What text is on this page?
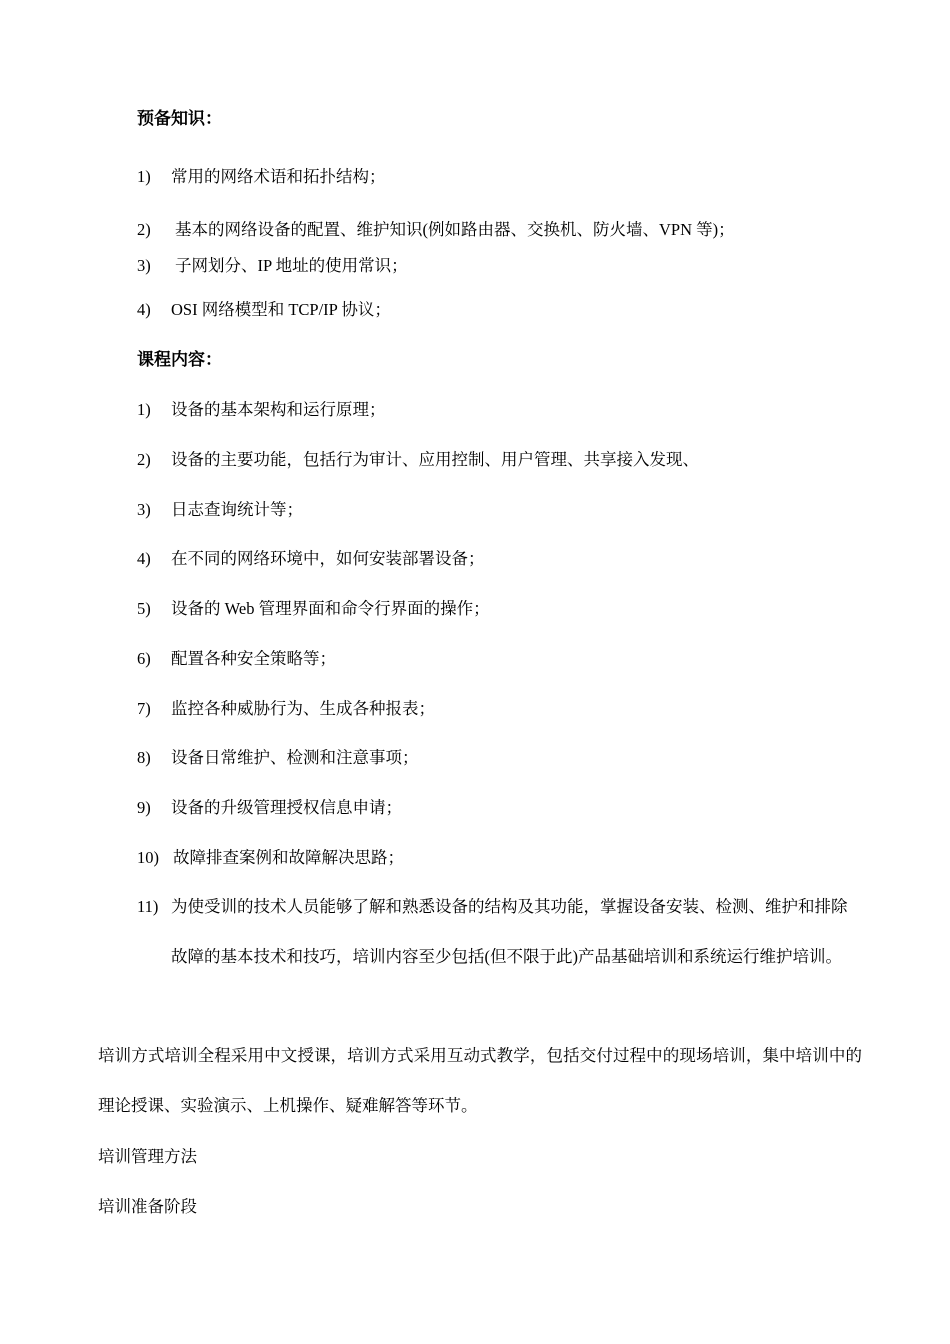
预备知识：
1) 常用的网络术语和拓扑结构；
2) 基本的网络设备的配置、维护知识(例如路由器、交换机、防火墙、VPN 等)；
3) 子网划分、IP 地址的使用常识；
4) OSI 网络模型和 TCP/IP 协议；
课程内容：
1) 设备的基本架构和运行原理；
2) 设备的主要功能，包括行为审计、应用控制、用户管理、共享接入发现、
3) 日志查询统计等；
4) 在不同的网络环境中，如何安装部署设备；
5) 设备的 Web 管理界面和命令行界面的操作；
6) 配置各种安全策略等；
7) 监控各种威胁行为、生成各种报表；
8) 设备日常维护、检测和注意事项；
9) 设备的升级管理授权信息申请；
10) 故障排查案例和故障解决思路；
11) 为使受训的技术人员能够了解和熟悉设备的结构及其功能，掌握设备安装、检测、维护和排除故障的基本技术和技巧，培训内容至少包括(但不限于此)产品基础培训和系统运行维护培训。
培训方式培训全程采用中文授课，培训方式采用互动式教学，包括交付过程中的现场培训，集中培训中的理论授课、实验演示、上机操作、疑难解答等环节。
培训管理方法
培训准备阶段
